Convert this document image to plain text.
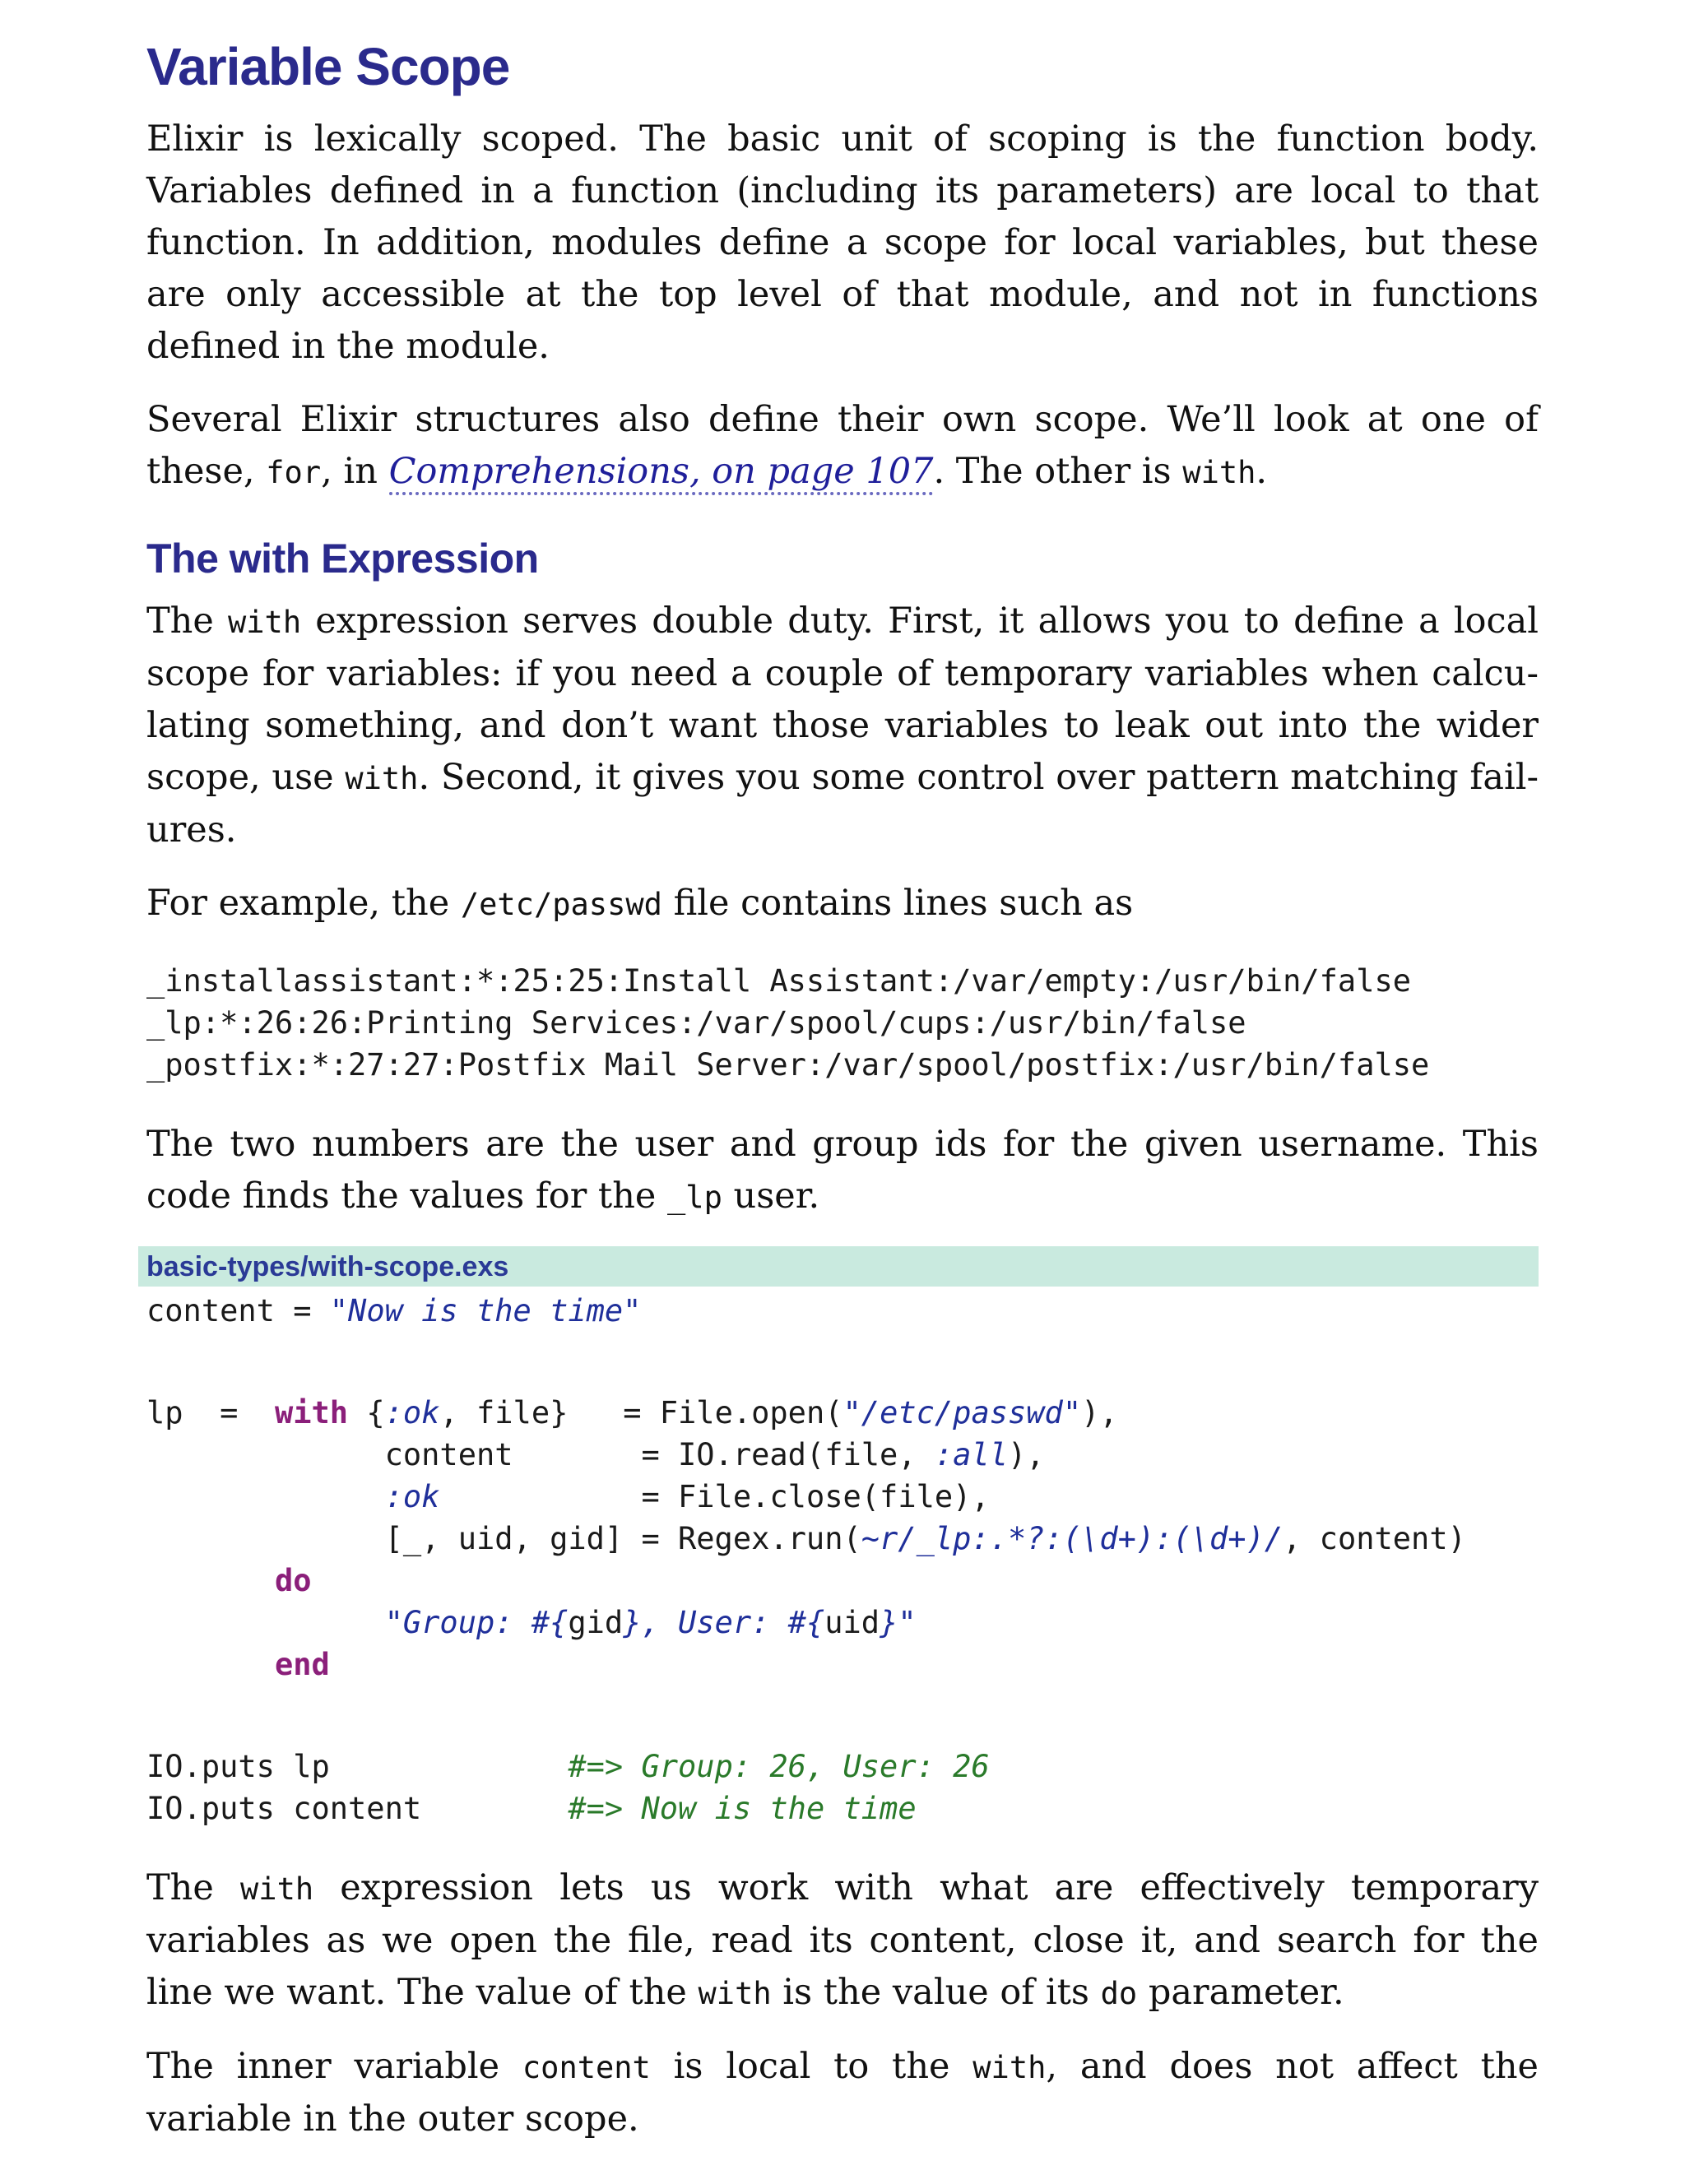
Variable Scope

Elixir is lexically scoped. The basic unit of scoping is the function body. Variables defined in a function (including its parameters) are local to that function. In addition, modules define a scope for local variables, but these are only accessible at the top level of that module, and not in functions defined in the module.

Several Elixir structures also define their own scope. We’ll look at one of these, for, in Comprehensions, on page 107. The other is with.

The with Expression

The with expression serves double duty. First, it allows you to define a local scope for variables: if you need a couple of temporary variables when calculating something, and don’t want those variables to leak out into the wider scope, use with. Second, it gives you some control over pattern matching failures.

For example, the /etc/passwd file contains lines such as

_installassistant:*:25:25:Install Assistant:/var/empty:/usr/bin/false
_lp:*:26:26:Printing Services:/var/spool/cups:/usr/bin/false
_postfix:*:27:27:Postfix Mail Server:/var/spool/postfix:/usr/bin/false

The two numbers are the user and group ids for the given username. This code finds the values for the _lp user.

basic-types/with-scope.exs
content = "Now is the time"

lp  =  with {:ok, file}   = File.open("/etc/passwd"),
content       = IO.read(file, :all),
:ok           = File.close(file),
[_, uid, gid] = Regex.run(~r/_lp:.*?:(\d+):(\d+)/, content)
do
"Group: #{gid}, User: #{uid}"
end

IO.puts lp             #=> Group: 26, User: 26
IO.puts content        #=> Now is the time

The with expression lets us work with what are effectively temporary variables as we open the file, read its content, close it, and search for the line we want. The value of the with is the value of its do parameter.

The inner variable content is local to the with, and does not affect the variable in the outer scope.
